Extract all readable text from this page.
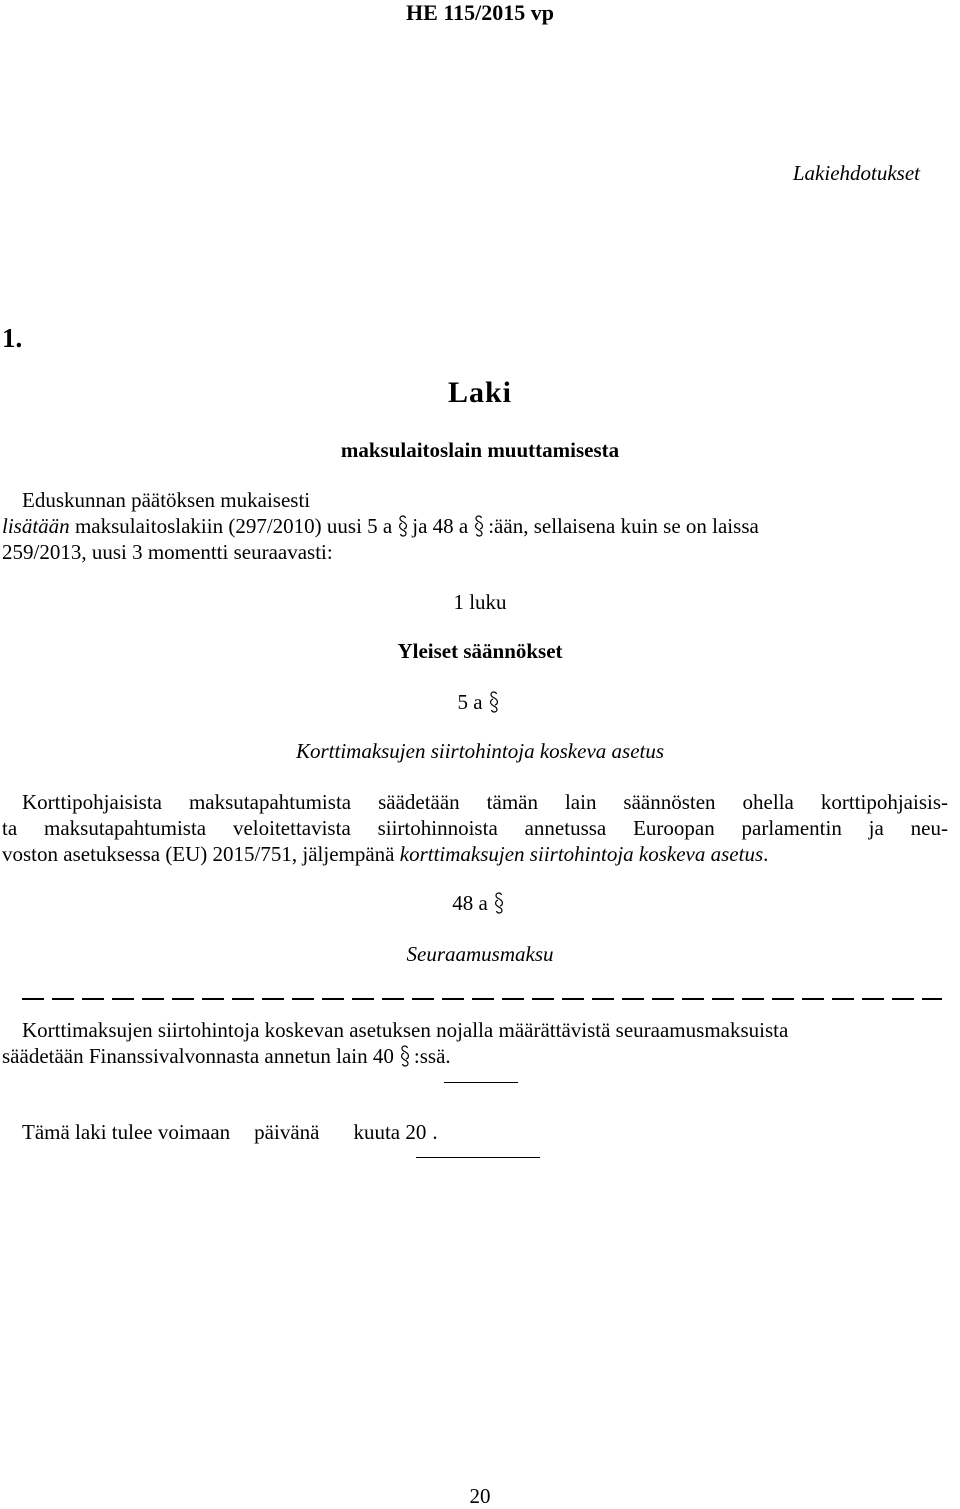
HE 115/2015 vp
Lakiehdotukset
1.
Laki
maksulaitoslain muuttamisesta
Eduskunnan päätöksen mukaisesti
lisätään maksulaitoslakiin (297/2010) uusi 5 a ja 48 a :ään, sellaisena kuin se on laissa
259/2013, uusi 3 momentti seuraavasti:
1 luku
Yleiset säännökset
5 a
Korttimaksujen siirtohintoja koskeva asetus
Korttipohjaisista maksutapahtumista säädetään tämän lain säännösten ohella korttipohjaisis-
ta maksutapahtumista veloitettavista siirtohinnoista annetussa Euroopan parlamentin ja neu-
voston asetuksessa (EU) 2015/751, jäljempänä korttimaksujen siirtohintoja koskeva asetus.
48 a
Seuraamusmaksu
Korttimaksujen siirtohintoja koskevan asetuksen nojalla määrättävistä seuraamusmaksuista
säädetään Finanssivalvonnasta annetun lain 40 :ssä.
Tämä laki tulee voimaan päivänä kuuta 20 .
20
